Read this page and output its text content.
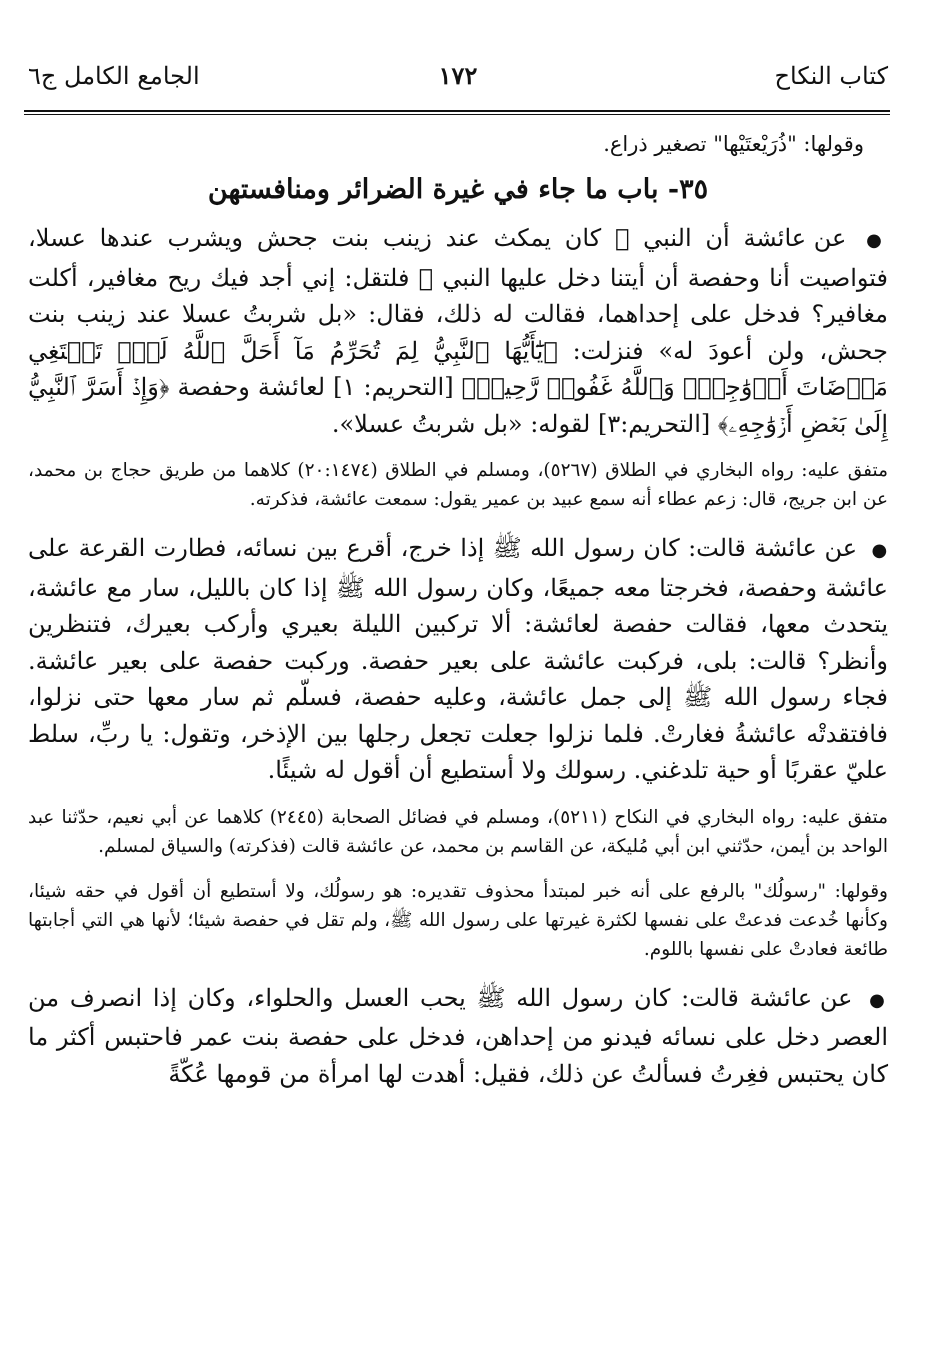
كتاب النكاح
١٧٢
الجامع الكامل ج٦

وقولها: "ذُرَيْعتَيْها" تصغير ذراع.

٣٥- باب ما جاء في غيرة الضرائر ومنافستهن

● عن عائشة أن النبي ﷺ كان يمكث عند زينب بنت جحش ويشرب عندها عسلا، فتواصيت أنا وحفصة أن أيتنا دخل عليها النبي ﷺ فلتقل: إني أجد فيك ريح مغافير، أكلت مغافير؟ فدخل على إحداهما، فقالت له ذلك، فقال: «بل شربتُ عسلا عند زينب بنت جحش، ولن أعودَ له» فنزلت: ﴿يَٰٓأَيُّهَا ٱلنَّبِيُّ لِمَ تُحَرِّمُ مَآ أَحَلَّ ٱللَّهُ لَكَۖ تَبۡتَغِي مَرۡضَاتَ أَزۡوَٰجِكَۚ وَٱللَّهُ غَفُورٞ رَّحِيمٞ﴾ [التحريم: ١] لعائشة وحفصة ﴿وَإِذۡ أَسَرَّ ٱلنَّبِيُّ إِلَىٰ بَعۡضِ أَزۡوَٰجِهِۦ﴾ [التحريم:٣] لقوله: «بل شربتُ عسلا».

متفق عليه: رواه البخاري في الطلاق (٥٢٦٧)، ومسلم في الطلاق (٢٠:١٤٧٤) كلاهما من طريق حجاج بن محمد، عن ابن جريج، قال: زعم عطاء أنه سمع عبيد بن عمير يقول: سمعت عائشة، فذكرته.

● عن عائشة قالت: كان رسول الله ﷺ إذا خرج، أقرع بين نسائه، فطارت القرعة على عائشة وحفصة، فخرجتا معه جميعًا، وكان رسول الله ﷺ إذا كان بالليل، سار مع عائشة، يتحدث معها، فقالت حفصة لعائشة: ألا تركبين الليلة بعيري وأركب بعيرك، فتنظرين وأنظر؟ قالت: بلى، فركبت عائشة على بعير حفصة. وركبت حفصة على بعير عائشة. فجاء رسول الله ﷺ إلى جمل عائشة، وعليه حفصة، فسلّم ثم سار معها حتى نزلوا، فافتقدتْه عائشةُ فغارتْ. فلما نزلوا جعلت تجعل رجلها بين الإذخر، وتقول: يا ربِّ، سلط عليّ عقربًا أو حية تلدغني. رسولك ولا أستطيع أن أقول له شيئًا.

متفق عليه: رواه البخاري في النكاح (٥٢١١)، ومسلم في فضائل الصحابة (٢٤٤٥) كلاهما عن أبي نعيم، حدّثنا عبد الواحد بن أيمن، حدّثني ابن أبي مُليكة، عن القاسم بن محمد، عن عائشة قالت (فذكرته) والسياق لمسلم.

وقولها: "رسولُك" بالرفع على أنه خبر لمبتدأ محذوف تقديره: هو رسولُك، ولا أستطيع أن أقول في حقه شيئا، وكأنها خُدعت فدعتْ على نفسها لكثرة غيرتها على رسول الله ﷺ، ولم تقل في حفصة شيئا؛ لأنها هي التي أجابتها طائعة فعادتْ على نفسها باللوم.

● عن عائشة قالت: كان رسول الله ﷺ يحب العسل والحلواء، وكان إذا انصرف من العصر دخل على نسائه فيدنو من إحداهن، فدخل على حفصة بنت عمر فاحتبس أكثر ما كان يحتبس فغِرتُ فسألتُ عن ذلك، فقيل: أهدت لها امرأة من قومها عُكّةً
